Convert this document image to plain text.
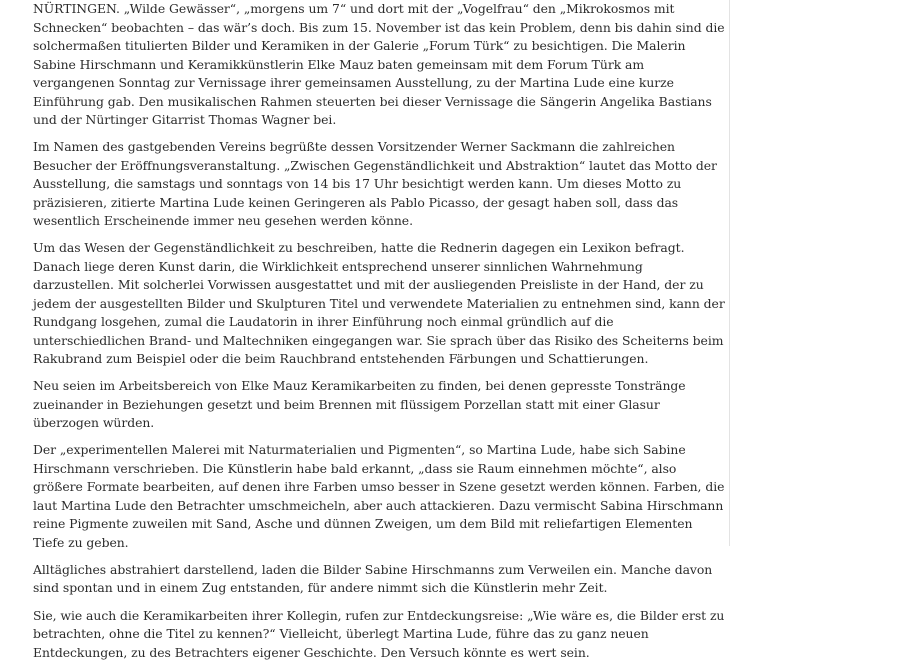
NÜRTINGEN. „Wilde Gewässer“, „morgens um 7“ und dort mit der „Vogelfrau“ den „Mikrokosmos mit Schnecken“ beobachten – das wär’s doch. Bis zum 15. November ist das kein Problem, denn bis dahin sind die solchermaßen titulierten Bilder und Keramiken in der Galerie „Forum Türk“ zu besichtigen. Die Malerin Sabine Hirschmann und Keramikkünstlerin Elke Mauz baten gemeinsam mit dem Forum Türk am vergangenen Sonntag zur Vernissage ihrer gemeinsamen Ausstellung, zu der Martina Lude eine kurze Einführung gab. Den musikalischen Rahmen steuerten bei dieser Vernissage die Sängerin Angelika Bastians und der Nürtinger Gitarrist Thomas Wagner bei.

Im Namen des gastgebenden Vereins begrüßte dessen Vorsitzender Werner Sackmann die zahlreichen Besucher der Eröffnungsveranstaltung. „Zwischen Gegenständlichkeit und Abstraktion“ lautet das Motto der Ausstellung, die samstags und sonntags von 14 bis 17 Uhr besichtigt werden kann. Um dieses Motto zu präzisieren, zitierte Martina Lude keinen Geringeren als Pablo Picasso, der gesagt haben soll, dass das wesentlich Erscheinende immer neu gesehen werden könne.

Um das Wesen der Gegenständlichkeit zu beschreiben, hatte die Rednerin dagegen ein Lexikon befragt. Danach liege deren Kunst darin, die Wirklichkeit entsprechend unserer sinnlichen Wahrnehmung darzustellen. Mit solcherlei Vorwissen ausgestattet und mit der ausliegenden Preisliste in der Hand, der zu jedem der ausgestellten Bilder und Skulpturen Titel und verwendete Materialien zu entnehmen sind, kann der Rundgang losgehen, zumal die Laudatorin in ihrer Einführung noch einmal gründlich auf die unterschiedlichen Brand- und Maltechniken eingegangen war. Sie sprach über das Risiko des Scheiterns beim Rakubrand zum Beispiel oder die beim Rauchbrand entstehenden Färbungen und Schattierungen.

Neu seien im Arbeitsbereich von Elke Mauz Keramikarbeiten zu finden, bei denen gepresste Tonstränge zueinander in Beziehungen gesetzt und beim Brennen mit flüssigem Porzellan statt mit einer Glasur überzogen würden.

Der „experimentellen Malerei mit Naturmaterialien und Pigmenten“, so Martina Lude, habe sich Sabine Hirschmann verschrieben. Die Künstlerin habe bald erkannt, „dass sie Raum einnehmen möchte“, also größere Formate bearbeiten, auf denen ihre Farben umso besser in Szene gesetzt werden können. Farben, die laut Martina Lude den Betrachter umschmeicheln, aber auch attackieren. Dazu vermischt Sabina Hirschmann reine Pigmente zuweilen mit Sand, Asche und dünnen Zweigen, um dem Bild mit reliefartigen Elementen Tiefe zu geben.

Alltägliches abstrahiert darstellend, laden die Bilder Sabine Hirschmanns zum Verweilen ein. Manche davon sind spontan und in einem Zug entstanden, für andere nimmt sich die Künstlerin mehr Zeit.

Sie, wie auch die Keramikarbeiten ihrer Kollegin, rufen zur Entdeckungsreise: „Wie wäre es, die Bilder erst zu betrachten, ohne die Titel zu kennen?“ Vielleicht, überlegt Martina Lude, führe das zu ganz neuen Entdeckungen, zu des Betrachters eigener Geschichte. Den Versuch könnte es wert sein.
